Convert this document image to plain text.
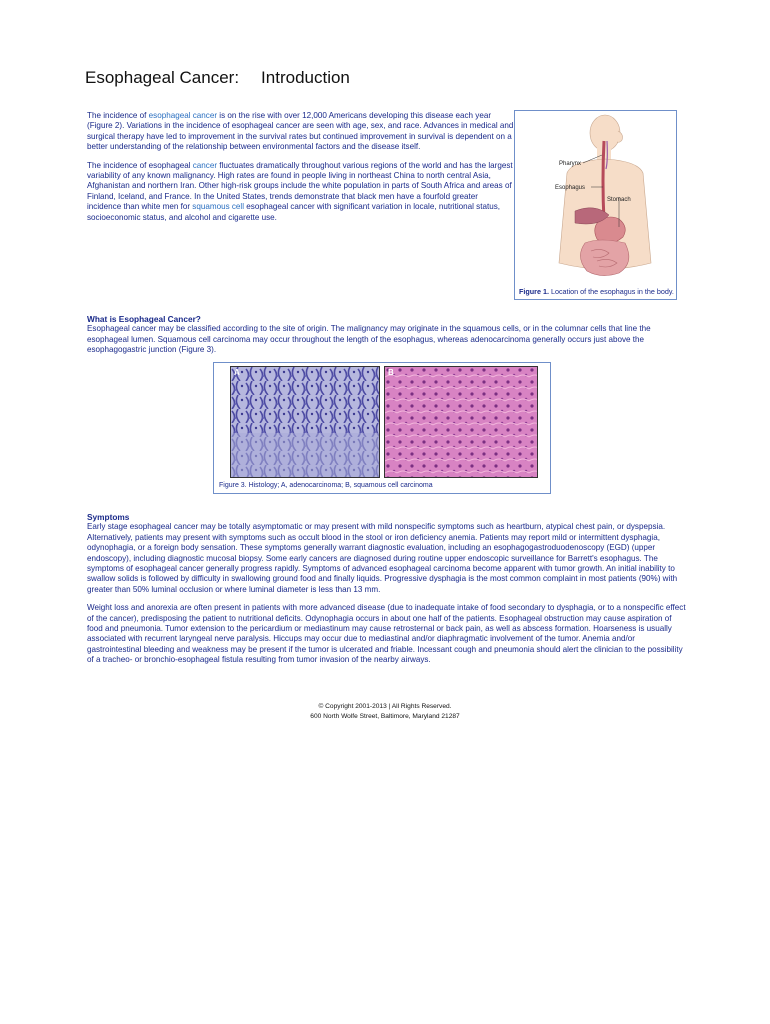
Esophageal Cancer: Introduction

The incidence of esophageal cancer is on the rise with over 12,000 Americans developing this disease each year (Figure 2). Variations in the incidence of esophageal cancer are seen with age, sex, and race. Advances in medical and surgical therapy have led to improvement in the survival rates but continued improvement in survival is dependent on a better understanding of the relationship between environmental factors and the disease itself.

The incidence of esophageal cancer fluctuates dramatically throughout various regions of the world and has the largest variability of any known malignancy. High rates are found in people living in northeast China to north central Asia, Afghanistan and northern Iran. Other high-risk groups include the white population in parts of South Africa and areas of Finland, Iceland, and France. In the United States, trends demonstrate that black men have a fourfold greater incidence than white men for squamous cell esophageal cancer with significant variation in locale, nutritional status, socioeconomic status, and alcohol and cigarette use.

Pharynx
Esophagus
Stomach
Figure 1. Location of the esophagus in the body.
What is Esophageal Cancer?

Esophageal cancer may be classified according to the site of origin. The malignancy may originate in the squamous cells, or in the columnar cells that line the esophageal lumen. Squamous cell carcinoma may occur throughout the length of the esophagus, whereas adenocarcinoma generally occurs just above the esophagogastric junction (Figure 3).

A	B
Figure 3. Histology; A, adenocarcinoma; B, squamous cell carcinoma
Symptoms

Early stage esophageal cancer may be totally asymptomatic or may present with mild nonspecific symptoms such as heartburn, atypical chest pain, or dyspepsia. Alternatively, patients may present with symptoms such as occult blood in the stool or iron deficiency anemia. Patients may report mild or intermittent dysphagia, odynophagia, or a foreign body sensation. These symptoms generally warrant diagnostic evaluation, including an esophagogastroduodenoscopy (EGD) (upper endoscopy), including diagnostic mucosal biopsy. Some early cancers are diagnosed during routine upper endoscopic surveillance for Barrett's esophagus. The symptoms of esophageal cancer generally progress rapidly. Symptoms of advanced esophageal carcinoma become apparent with tumor growth. An initial inability to swallow solids is followed by difficulty in swallowing ground food and finally liquids. Progressive dysphagia is the most common complaint in most patients (90%) with greater than 50% luminal occlusion or where luminal diameter is less than 13 mm.

Weight loss and anorexia are often present in patients with more advanced disease (due to inadequate intake of food secondary to dysphagia, or to a nonspecific effect of the cancer), predisposing the patient to nutritional deficits. Odynophagia occurs in about one half of the patients. Esophageal obstruction may cause aspiration of food and pneumonia. Tumor extension to the pericardium or mediastinum may cause retrosternal or back pain, as well as abscess formation. Hoarseness is usually associated with recurrent laryngeal nerve paralysis. Hiccups may occur due to mediastinal and/or diaphragmatic involvement of the tumor. Anemia and/or gastrointestinal bleeding and weakness may be present if the tumor is ulcerated and friable. Incessant cough and pneumonia should alert the clinician to the possibility of a tracheo- or bronchio-esophageal fistula resulting from tumor invasion of the nearby airways.

© Copyright 2001-2013 | All Rights Reserved.
600 North Wolfe Street, Baltimore, Maryland 21287
